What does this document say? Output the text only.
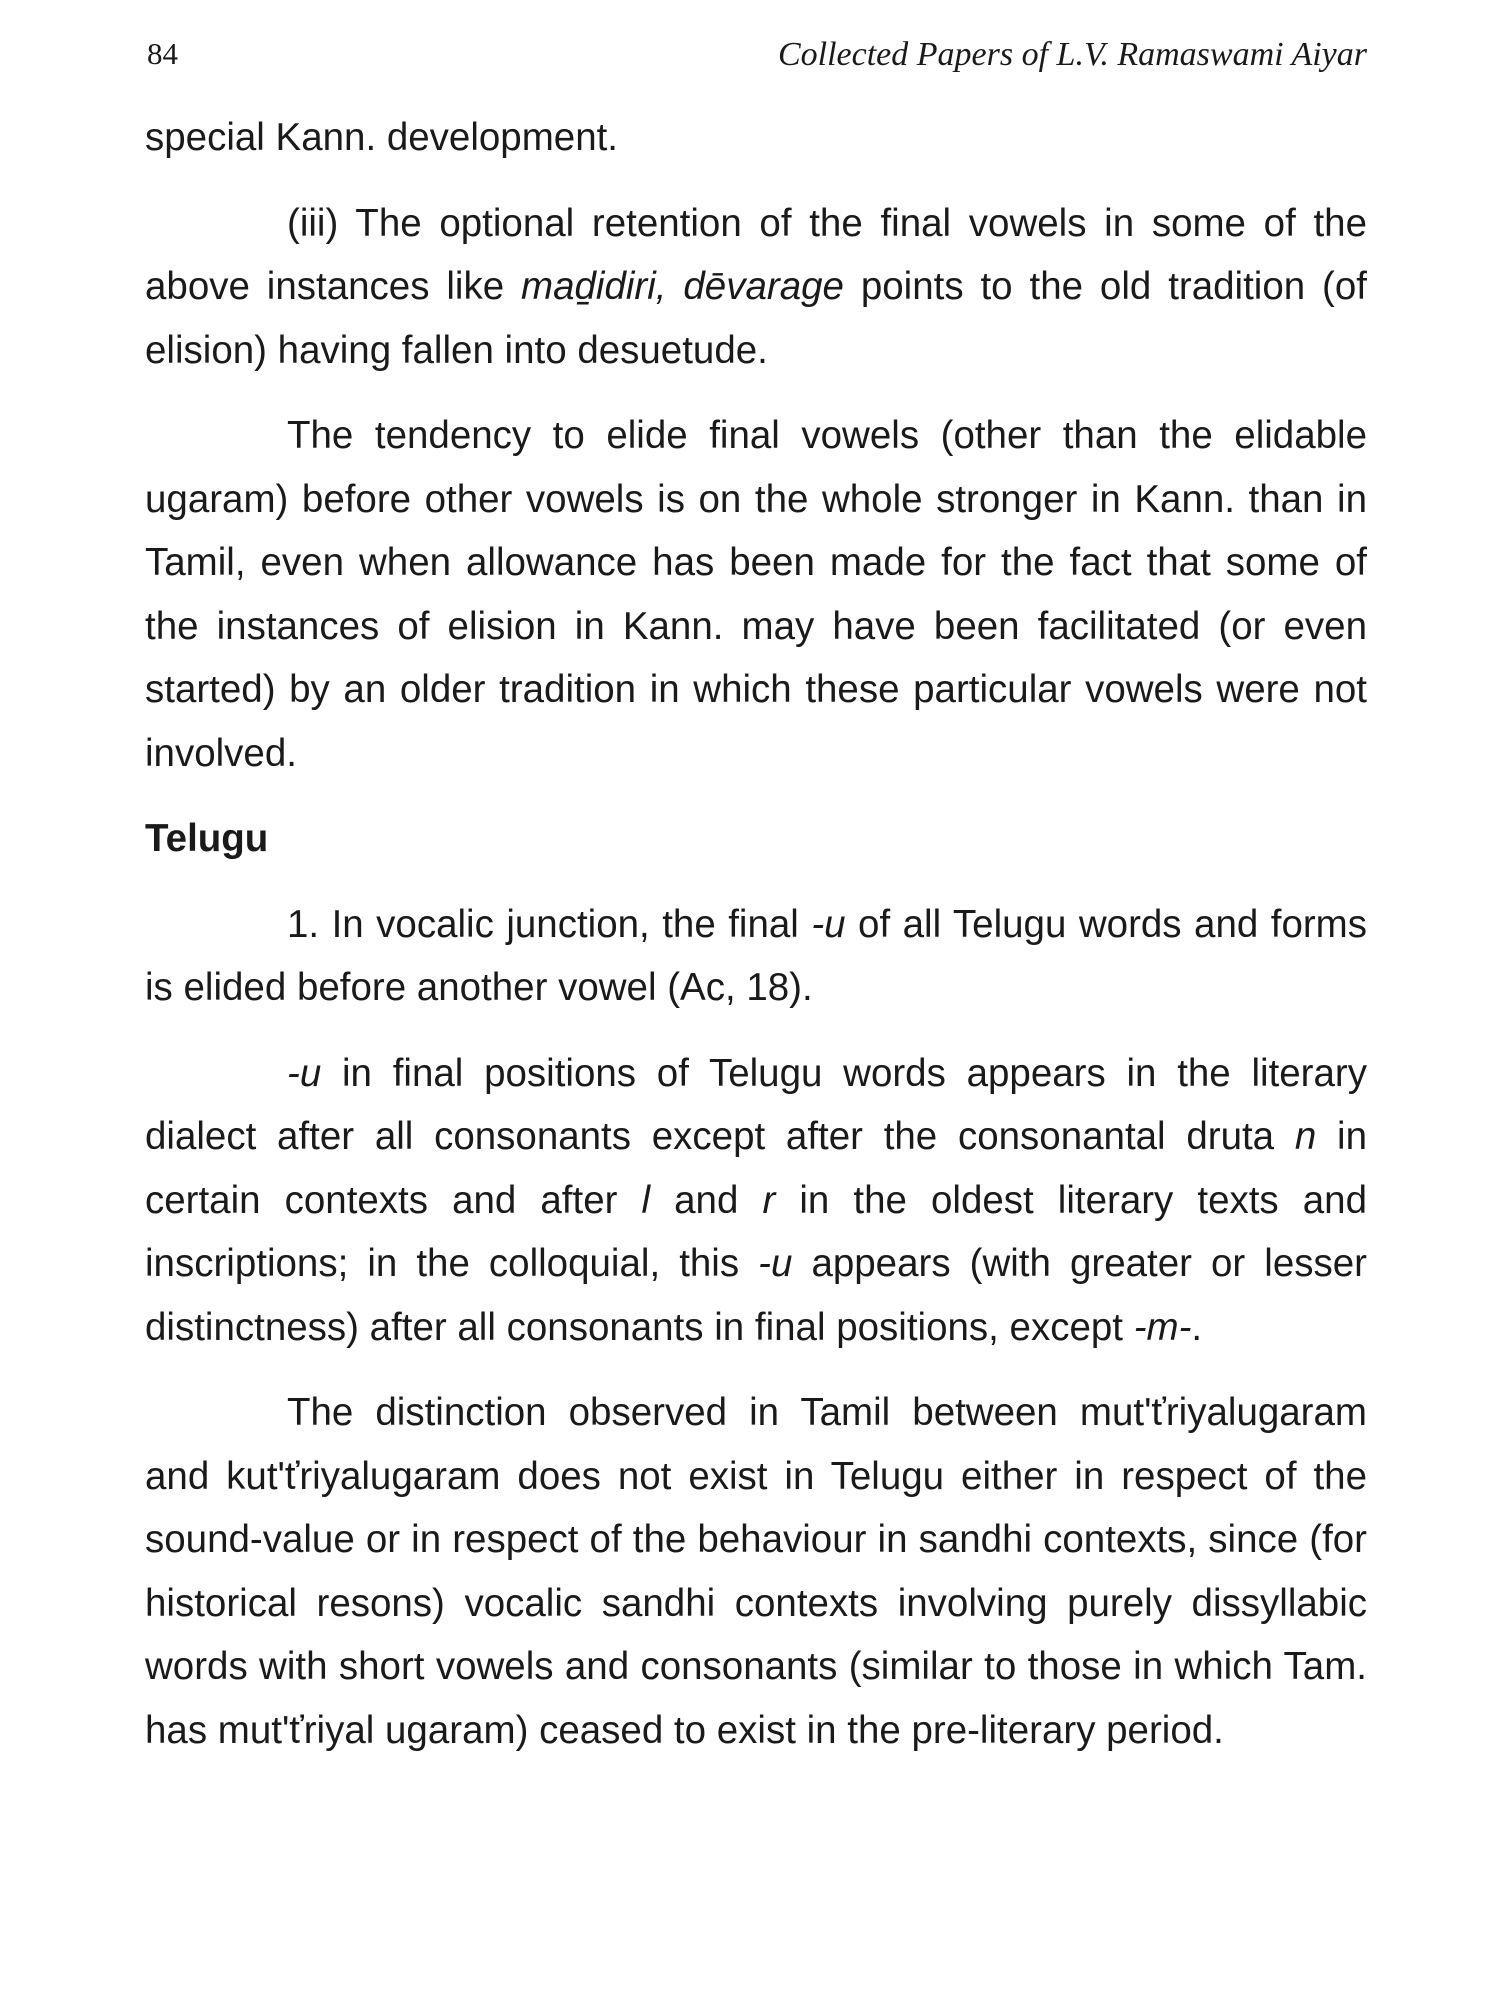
84	Collected Papers of L.V. Ramaswami Aiyar

special Kann. development.

(iii) The optional retention of the final vowels in some of the above instances like maḏidiri, dēvarage points to the old tradition (of elision) having fallen into desuetude.

The tendency to elide final vowels (other than the elidable ugaram) before other vowels is on the whole stronger in Kann. than in Tamil, even when allowance has been made for the fact that some of the instances of elision in Kann. may have been facilitated (or even started) by an older tradition in which these particular vowels were not involved.

Telugu

1. In vocalic junction, the final -u of all Telugu words and forms is elided before another vowel (Ac, 18).

-u in final positions of Telugu words appears in the literary dialect after all consonants except after the consonantal druta n in certain contexts and after l and r in the oldest literary texts and inscriptions; in the colloquial, this -u appears (with greater or lesser distinctness) after all consonants in final positions, except -m-.

The distinction observed in Tamil between mut'ťriyalugaram and kut'ťriyalugaram does not exist in Telugu either in respect of the sound-value or in respect of the behaviour in sandhi contexts, since (for historical resons) vocalic sandhi contexts involving purely dissyllabic words with short vowels and consonants (similar to those in which Tam. has mut'ťriyal ugaram) ceased to exist in the pre-literary period.
